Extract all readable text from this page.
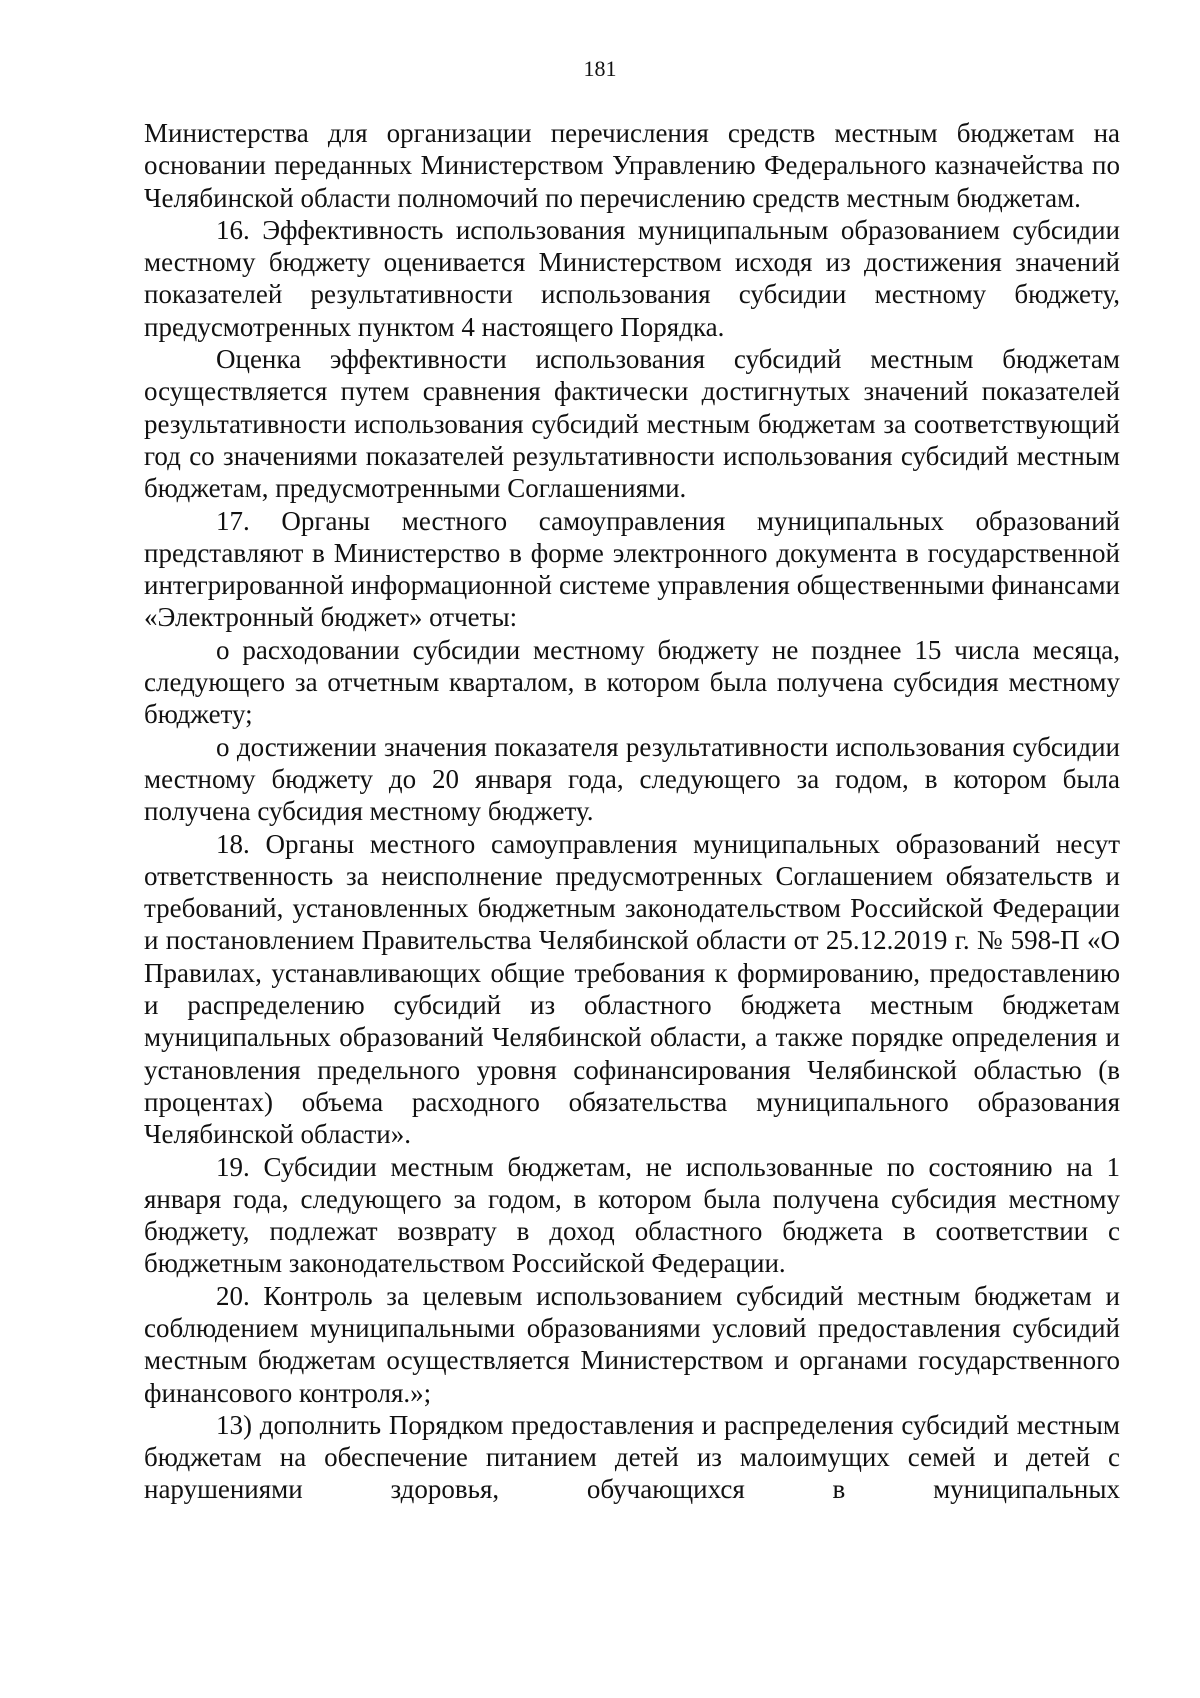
181

Министерства для организации перечисления средств местным бюджетам на основании переданных Министерством Управлению Федерального казначейства по Челябинской области полномочий по перечислению средств местным бюджетам.

16. Эффективность использования муниципальным образованием субсидии местному бюджету оценивается Министерством исходя из достижения значений показателей результативности использования субсидии местному бюджету, предусмотренных пунктом 4 настоящего Порядка.

Оценка эффективности использования субсидий местным бюджетам осуществляется путем сравнения фактически достигнутых значений показателей результативности использования субсидий местным бюджетам за соответствующий год со значениями показателей результативности использования субсидий местным бюджетам, предусмотренными Соглашениями.

17. Органы местного самоуправления муниципальных образований представляют в Министерство в форме электронного документа в государственной интегрированной информационной системе управления общественными финансами «Электронный бюджет» отчеты:

о расходовании субсидии местному бюджету не позднее 15 числа месяца, следующего за отчетным кварталом, в котором была получена субсидия местному бюджету;

о достижении значения показателя результативности использования субсидии местному бюджету до 20 января года, следующего за годом, в котором была получена субсидия местному бюджету.

18. Органы местного самоуправления муниципальных образований несут ответственность за неисполнение предусмотренных Соглашением обязательств и требований, установленных бюджетным законодательством Российской Федерации и постановлением Правительства Челябинской области от 25.12.2019 г. № 598-П «О Правилах, устанавливающих общие требования к формированию, предоставлению и распределению субсидий из областного бюджета местным бюджетам муниципальных образований Челябинской области, а также порядке определения и установления предельного уровня софинансирования Челябинской областью (в процентах) объема расходного обязательства муниципального образования Челябинской области».

19. Субсидии местным бюджетам, не использованные по состоянию на 1 января года, следующего за годом, в котором была получена субсидия местному бюджету, подлежат возврату в доход областного бюджета в соответствии с бюджетным законодательством Российской Федерации.

20. Контроль за целевым использованием субсидий местным бюджетам и соблюдением муниципальными образованиями условий предоставления субсидий местным бюджетам осуществляется Министерством и органами государственного финансового контроля.»;

13) дополнить Порядком предоставления и распределения субсидий местным бюджетам на обеспечение питанием детей из малоимущих семей и детей с нарушениями здоровья, обучающихся в муниципальных
